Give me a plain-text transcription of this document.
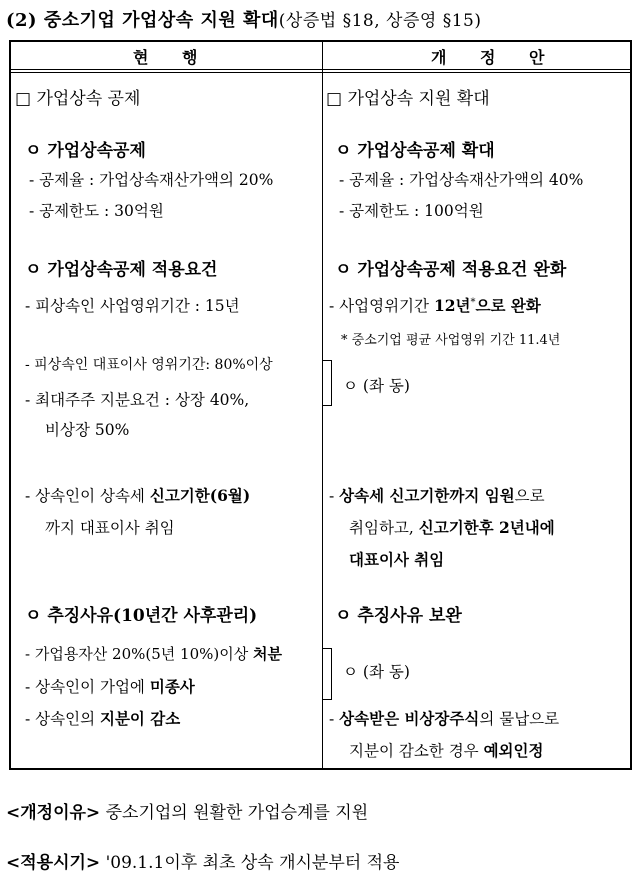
(2) 중소기업 가업상속 지원 확대(상증법 §18, 상증영 §15)
현 행	개 정 안
□ 가업상속 공제
ㅇ 가업상속공제
- 공제율 : 가업상속재산가액의 20%
- 공제한도 : 30억원
ㅇ 가업상속공제 적용요건
- 피상속인 사업영위기간 : 15년
- 피상속인 대표이사 영위기간: 80%이상
- 최대주주 지분요건 : 상장 40%,
비상장 50%
- 상속인이 상속세 신고기한(6월)
까지 대표이사 취임
ㅇ 추징사유(10년간 사후관리)
- 가업용자산 20%(5년 10%)이상 처분
- 상속인이 가업에 미종사
- 상속인의 지분이 감소
□ 가업상속 지원 확대
ㅇ 가업상속공제 확대
- 공제율 : 가업상속재산가액의 40%
- 공제한도 : 100억원
ㅇ 가업상속공제 적용요건 완화
- 사업영위기간 12년*으로 완화
* 중소기업 평균 사업영위 기간 11.4년
ㅇ (좌 동)
- 상속세 신고기한까지 임원으로
취임하고, 신고기한후 2년내에
대표이사 취임
ㅇ 추징사유 보완
ㅇ (좌 동)
- 상속받은 비상장주식의 물납으로
지분이 감소한 경우 예외인정
<개정이유> 중소기업의 원활한 가업승계를 지원
<적용시기> '09.1.1이후 최초 상속 개시분부터 적용
